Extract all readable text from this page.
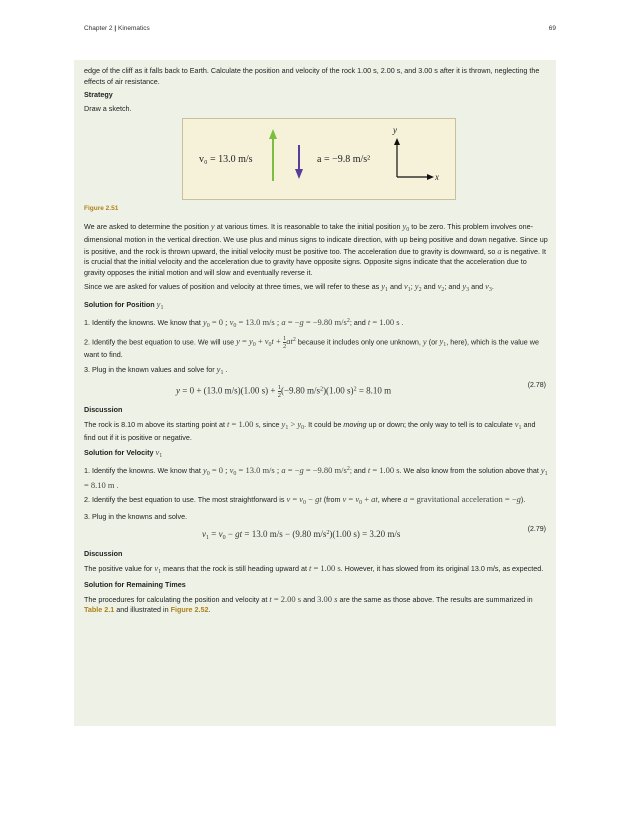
Chapter 2 | Kinematics	69

edge of the cliff as it falls back to Earth. Calculate the position and velocity of the rock 1.00 s, 2.00 s, and 3.00 s after it is thrown, neglecting the effects of air resistance.

Strategy

Draw a sketch.

v₀ = 13.0 m/s	a = −9.8 m/s²
y
x
Figure 2.51

We are asked to determine the position y at various times. It is reasonable to take the initial position $y_0$ to be zero. This problem involves one-dimensional motion in the vertical direction. We use plus and minus signs to indicate direction, with up being positive and down negative. Since up is positive, and the rock is thrown upward, the initial velocity must be positive too. The acceleration due to gravity is downward, so a is negative. It is crucial that the initial velocity and the acceleration due to gravity have opposite signs. Opposite signs indicate that the acceleration due to gravity opposes the initial motion and will slow and eventually reverse it.

Since we are asked for values of position and velocity at three times, we will refer to these as $y_1$ and $v_1$; $y_2$ and $v_2$; and $y_3$ and $v_3$.

Solution for Position $y_1$

1. Identify the knowns. We know that $y_0 = 0$ ; $v_0 = 13.0$ m/s ; a = −g = −9.80 $m/s^2$; and t = 1.00 s .

2. Identify the best equation to use. We will use $y = y_0 + v_0t + \frac{1}{2} at^2$ because it includes only one unknown, y (or $y_1$, here), which is the value we want to find.

3. Plug in the known values and solve for $y_1$ .

y = 0 + (13.0 m/s)(1.00 $s) + \frac{1}{2} (-9.80$ $m/s^2)(1.00$ s)$^2$ = 8.10 m
(2.78)
Discussion

The rock is 8.10 m above its starting point at t = 1.00 s, since $y_1 > y_0$. It could be moving up or down; the only way to tell is to calculate $v_1$ and find out if it is positive or negative.

Solution for Velocity $v_1$

1. Identify the knowns. We know that $y_0 = 0$ ; $v_0 = 13.0$ m/s ; a = −g = −9.80 $m/s^2$; and t = 1.00 s. We also know from the solution above that $y_1 = 8.10$ m .

2. Identify the best equation to use. The most straightforward is $v = v_0$ − gt (from $v = v_0$ + at, where a = gravitational acceleration = −g).

3. Plug in the knowns and solve.

$v_1 = v_0$ − gt = 13.0 m/s − (9.80 $m/s^2)(1.00$ s) = 3.20 m/s	(2.79)
Discussion

The positive value for $v_1$ means that the rock is still heading upward at t = 1.00 s. However, it has slowed from its original 13.0 m/s, as expected.

Solution for Remaining Times

The procedures for calculating the position and velocity at t = 2.00 s and 3.00 s are the same as those above. The results are summarized in Table 2.1 and illustrated in Figure 2.52.
